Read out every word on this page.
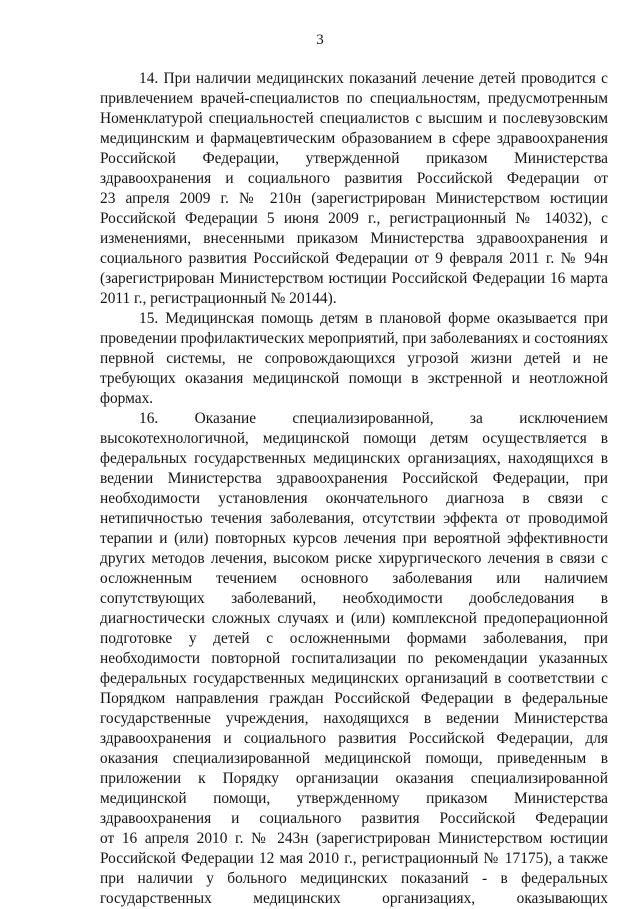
3
14. При наличии медицинских показаний лечение детей проводится с
привлечением врачей-специалистов по специальностям, предусмотренным
Номенклатурой специальностей специалистов с высшим и послевузовским
медицинским и фармацевтическим образованием в сфере здравоохранения
Российской Федерации, утвержденной приказом Министерства
здравоохранения и социального развития Российской Федерации от
23 апреля 2009 г. № 210н (зарегистрирован Министерством юстиции
Российской Федерации 5 июня 2009 г., регистрационный № 14032), с
изменениями, внесенными приказом Министерства здравоохранения и
социального развития Российской Федерации от 9 февраля 2011 г. № 94н
(зарегистрирован Министерством юстиции Российской Федерации 16 марта
2011 г., регистрационный № 20144).
15. Медицинская помощь детям в плановой форме оказывается при
проведении профилактических мероприятий, при заболеваниях и состояниях
первной системы, не сопровождающихся угрозой жизни детей и не
требующих оказания медицинской помощи в экстренной и неотложной
формах.
16. Оказание специализированной, за исключением
высокотехнологичной, медицинской помощи детям осуществляется в
федеральных государственных медицинских организациях, находящихся в
ведении Министерства здравоохранения Российской Федерации, при
необходимости установления окончательного диагноза в связи с
нетипичностью течения заболевания, отсутствии эффекта от проводимой
терапии и (или) повторных курсов лечения при вероятной эффективности
других методов лечения, высоком риске хирургического лечения в связи с
осложненным течением основного заболевания или наличием
сопутствующих заболеваний, необходимости дообследования в
диагностически сложных случаях и (или) комплексной предоперационной
подготовке у детей с осложненными формами заболевания, при
необходимости повторной госпитализации по рекомендации указанных
федеральных государственных медицинских организаций в соответствии с
Порядком направления граждан Российской Федерации в федеральные
государственные учреждения, находящихся в ведении Министерства
здравоохранения и социального развития Российской Федерации, для
оказания специализированной медицинской помощи, приведенным в
приложении к Порядку организации оказания специализированной
медицинской помощи, утвержденному приказом Министерства
здравоохранения и социального развития Российской Федерации
от 16 апреля 2010 г. № 243н (зарегистрирован Министерством юстиции
Российской Федерации 12 мая 2010 г., регистрационный № 17175), а также
при наличии у больного медицинских показаний - в федеральных
государственных медицинских организациях, оказывающих
